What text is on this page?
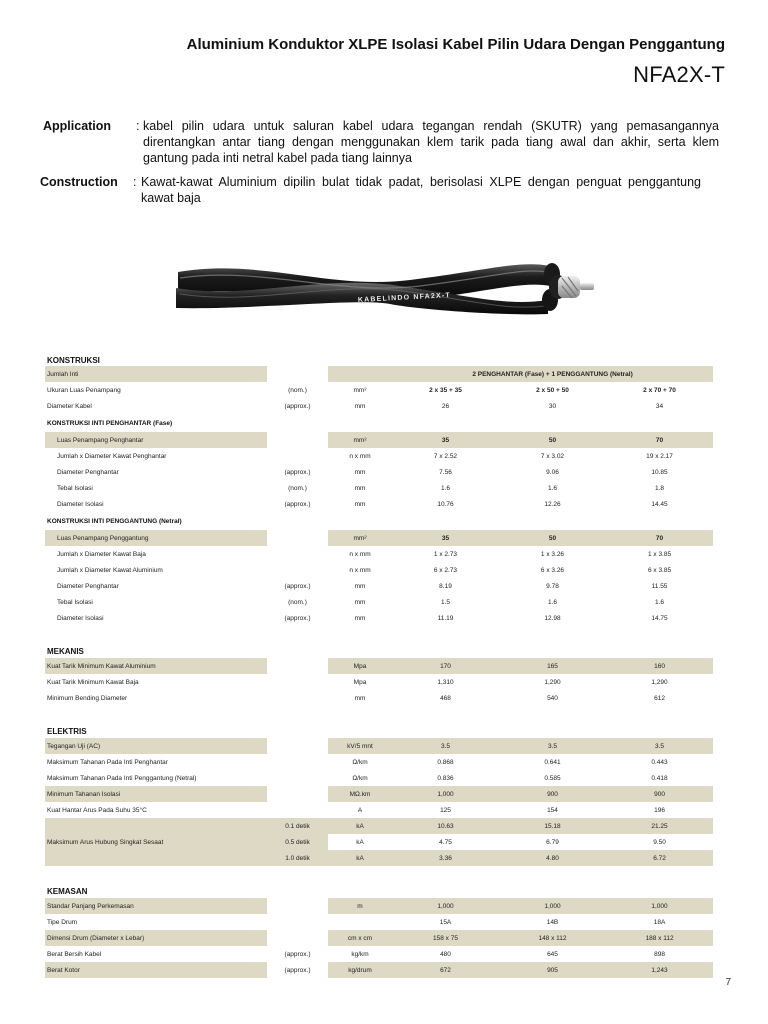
Aluminium Konduktor XLPE Isolasi Kabel Pilin Udara Dengan Penggantung
NFA2X-T
Application : kabel pilin udara untuk saluran kabel udara tegangan rendah (SKUTR) yang pemasangannya direntangkan antar tiang dengan menggunakan klem tarik pada tiang awal dan akhir, serta klem gantung pada inti netral kabel pada tiang lainnya
Construction : Kawat-kawat Aluminium dipilin bulat tidak padat, berisolasi XLPE dengan penguat penggantung kawat baja
KABELINDO NFA2X-T
KONSTRUKSI					
Jumlah Inti			2 PENGHANTAR (Fase) + 1 PENGGANTUNG (Netral)		
Ukuran Luas Penampang	(nom.)	mm²	2 x 35 + 35	2 x 50 + 50	2 x 70 + 70
Diameter Kabel	(approx.)	mm	26	30	34
KONSTRUKSI INTI PENGHANTAR (Fase)					
Luas Penampang Penghantar		mm²	35	50	70
Jumlah x Diameter Kawat Penghantar		n x mm	7 x 2.52	7 x 3.02	19 x 2.17
Diameter Penghantar	(approx.)	mm	7.56	9.06	10.85
Tebal Isolasi	(nom.)	mm	1.6	1.6	1.8
Diameter Isolasi	(approx.)	mm	10.76	12.26	14.45
KONSTRUKSI INTI PENGGANTUNG (Netral)					
Luas Penampang Penggantung		mm²	35	50	70
Jumlah x Diameter Kawat Baja		n x mm	1 x 2.73	1 x 3.26	1 x 3.85
Jumlah x Diameter Kawat Aluminium		n x mm	6 x 2.73	6 x 3.26	6 x 3.85
Diameter Penghantar	(approx.)	mm	8.19	9.78	11.55
Tebal Isolasi	(nom.)	mm	1.5	1.6	1.6
Diameter Isolasi	(approx.)	mm	11.19	12.98	14.75
MEKANIS					
Kuat Tarik Minimum Kawat Aluminium		Mpa	170	165	160
Kuat Tarik Minimum Kawat Baja		Mpa	1,310	1,290	1,290
Minimum Bending Diameter		mm	468	540	612
ELEKTRIS					
Tegangan Uji (AC)		kV/5 mnt	3.5	3.5	3.5
Maksimum Tahanan Pada Inti Penghantar		Ω/km	0.868	0.641	0.443
Maksimum Tahanan Pada Inti Penggantung (Netral)		Ω/km	0.836	0.585	0.418
Minimum Tahanan Isolasi		MΩ.km	1,000	900	900
Kuat Hantar Arus Pada Suhu 35°C		A	125	154	196
Maksimum Arus Hubung Singkat Sesaat	0.1 detik	kA	10.63	15.18	21.25
	0.5 detik	kA	4.75	6.79	9.50
	1.0 detik	kA	3.36	4.80	6.72
KEMASAN					
Standar Panjang Perkemasan		m	1,000	1,000	1,000
Tipe Drum			15A	14B	18A
Dimensi Drum (Diameter x Lebar)		cm x cm	158 x 75	148 x 112	188 x 112
Berat Bersih Kabel	(approx.)	kg/km	480	645	898
Berat Kotor	(approx.)	kg/drum	672	905	1,243
7
